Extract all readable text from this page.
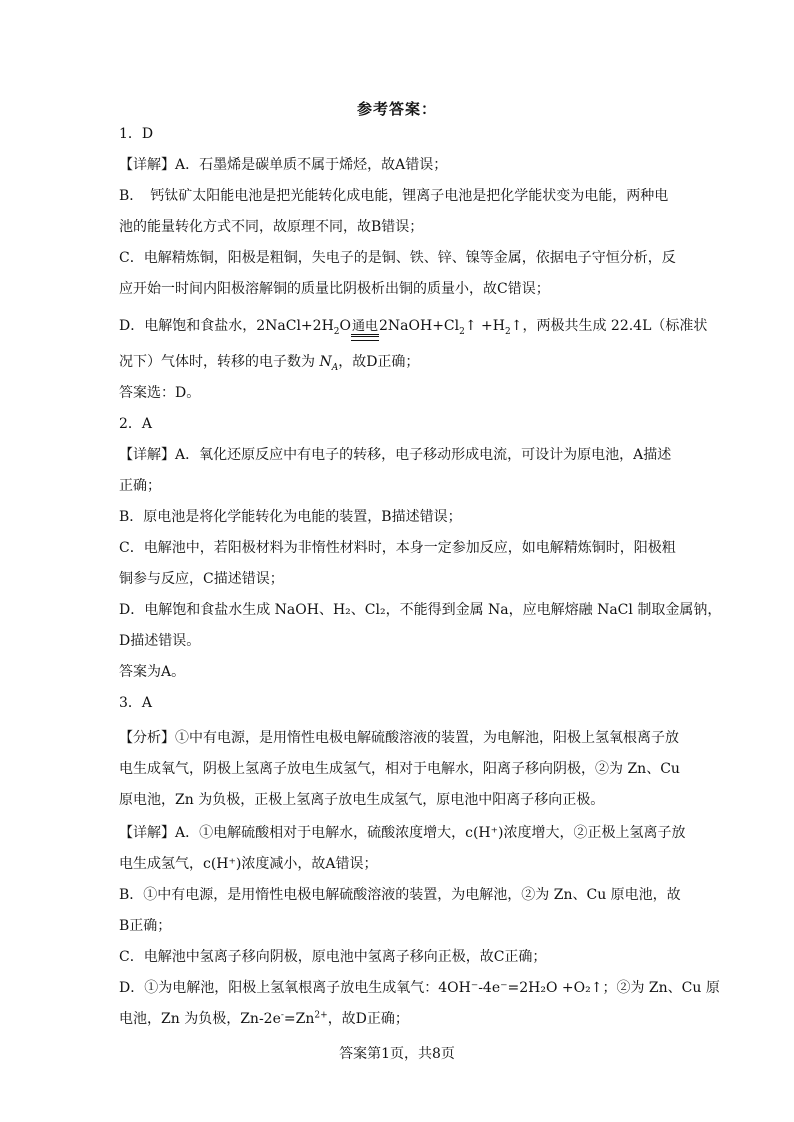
参考答案：
1．D
【详解】A．石墨烯是碳单质不属于烯烃，故A错误；
B．　钙钛矿太阳能电池是把光能转化成电能，锂离子电池是把化学能状变为电能，两种电
池的能量转化方式不同，故原理不同，故B错误；
C．电解精炼铜，阳极是粗铜，失电子的是铜、铁、锌、镍等金属，依据电子守恒分析，反
应开始一时间内阳极溶解铜的质量比阴极析出铜的质量小，故C错误；
D．电解饱和食盐水，$2NaCl+2H_2O$通电
$2NaOH+Cl_2↑$ $+H_2↑$，两极共生成 22.4L（标准状
况下）气体时，转移的电子数为 $N_A$，故D正确；
答案选：D。
2．A
【详解】A．氧化还原反应中有电子的转移，电子移动形成电流，可设计为原电池，A描述
正确；
B．原电池是将化学能转化为电能的装置，B描述错误；
C．电解池中，若阳极材料为非惰性材料时，本身一定参加反应，如电解精炼铜时，阳极粗
铜参与反应，C描述错误；
D．电解饱和食盐水生成 NaOH、H₂、Cl₂，不能得到金属 Na，应电解熔融 NaCl 制取金属钠，
D描述错误。
答案为A。
3．A
【分析】①中有电源，是用惰性电极电解硫酸溶液的装置，为电解池，阳极上氢氧根离子放
电生成氧气，阴极上氢离子放电生成氢气，相对于电解水，阳离子移向阴极，②为 Zn、Cu
原电池，Zn 为负极，正极上氢离子放电生成氢气，原电池中阳离子移向正极。
【详解】A．①电解硫酸相对于电解水，硫酸浓度增大，c(H⁺)浓度增大，②正极上氢离子放
电生成氢气，c(H⁺)浓度减小，故A错误；
B．①中有电源，是用惰性电极电解硫酸溶液的装置，为电解池，②为 Zn、Cu 原电池，故
B正确；
C．电解池中氢离子移向阴极，原电池中氢离子移向正极，故C正确；
D．①为电解池，阳极上氢氧根离子放电生成氧气：4OH⁻-4e⁻=2H₂O +O₂↑；②为 Zn、Cu 原
电池，Zn 为负极，$Zn-2e^-=Zn^{2+}$，故D正确；
答案第1页，共8页
